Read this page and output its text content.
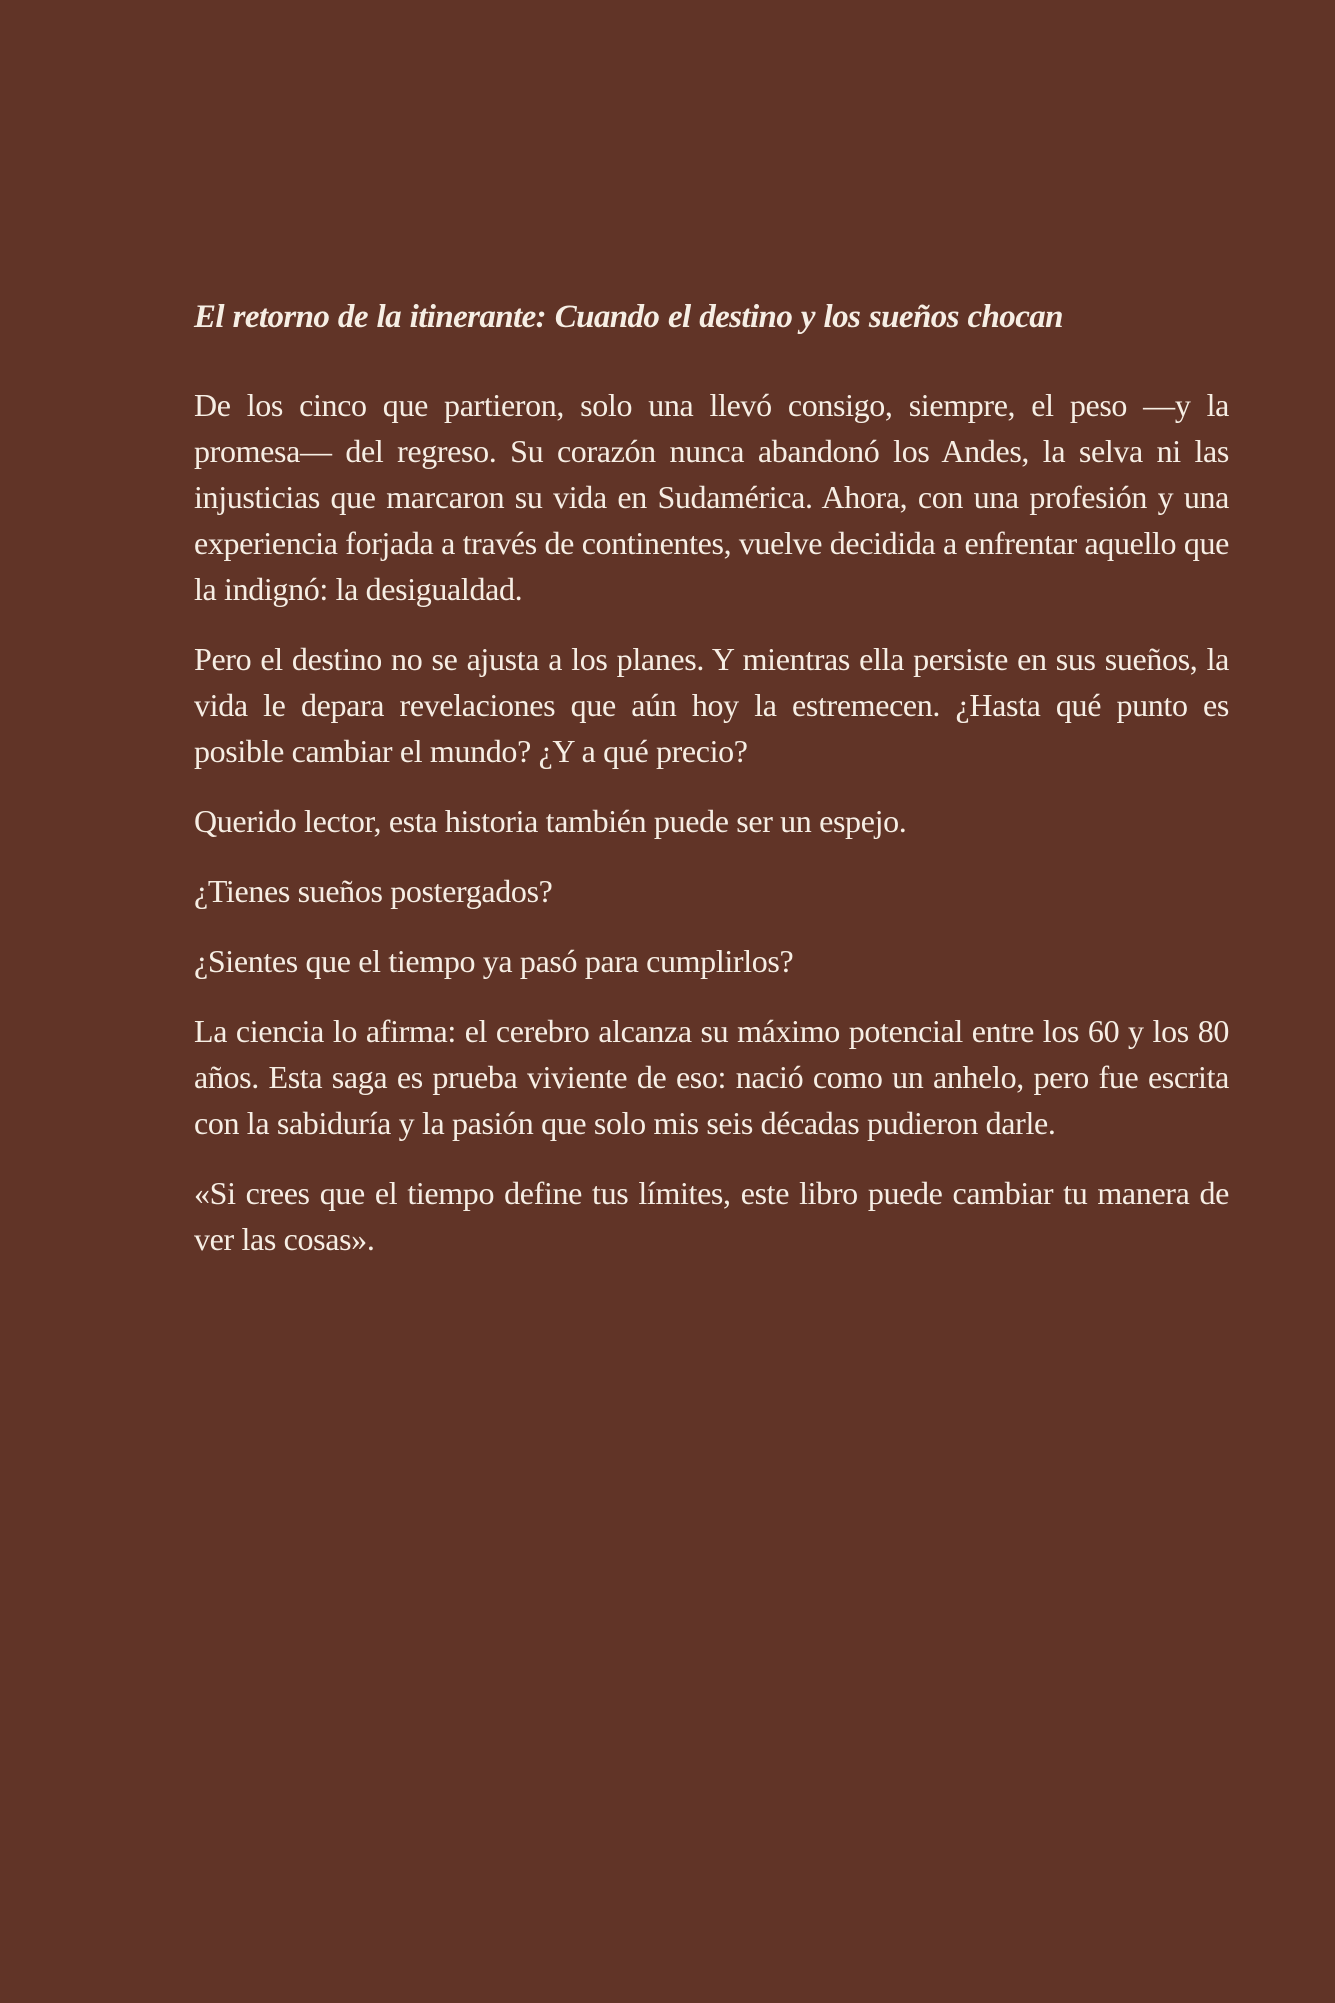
El retorno de la itinerante: Cuando el destino y los sueños chocan

De los cinco que partieron, solo una llevó consigo, siempre, el peso —y la promesa— del regreso. Su corazón nunca abandonó los Andes, la selva ni las injusticias que marcaron su vida en Sudamérica. Ahora, con una profesión y una experiencia forjada a través de continentes, vuelve decidida a enfrentar aquello que la indignó: la desigualdad.

Pero el destino no se ajusta a los planes. Y mientras ella persiste en sus sueños, la vida le depara revelaciones que aún hoy la estremecen. ¿Hasta qué punto es posible cambiar el mundo? ¿Y a qué precio?

Querido lector, esta historia también puede ser un espejo.

¿Tienes sueños postergados?

¿Sientes que el tiempo ya pasó para cumplirlos?

La ciencia lo afirma: el cerebro alcanza su máximo potencial entre los 60 y los 80 años. Esta saga es prueba viviente de eso: nació como un anhelo, pero fue escrita con la sabiduría y la pasión que solo mis seis décadas pudieron darle.

«Si crees que el tiempo define tus límites, este libro puede cambiar tu manera de ver las cosas».
